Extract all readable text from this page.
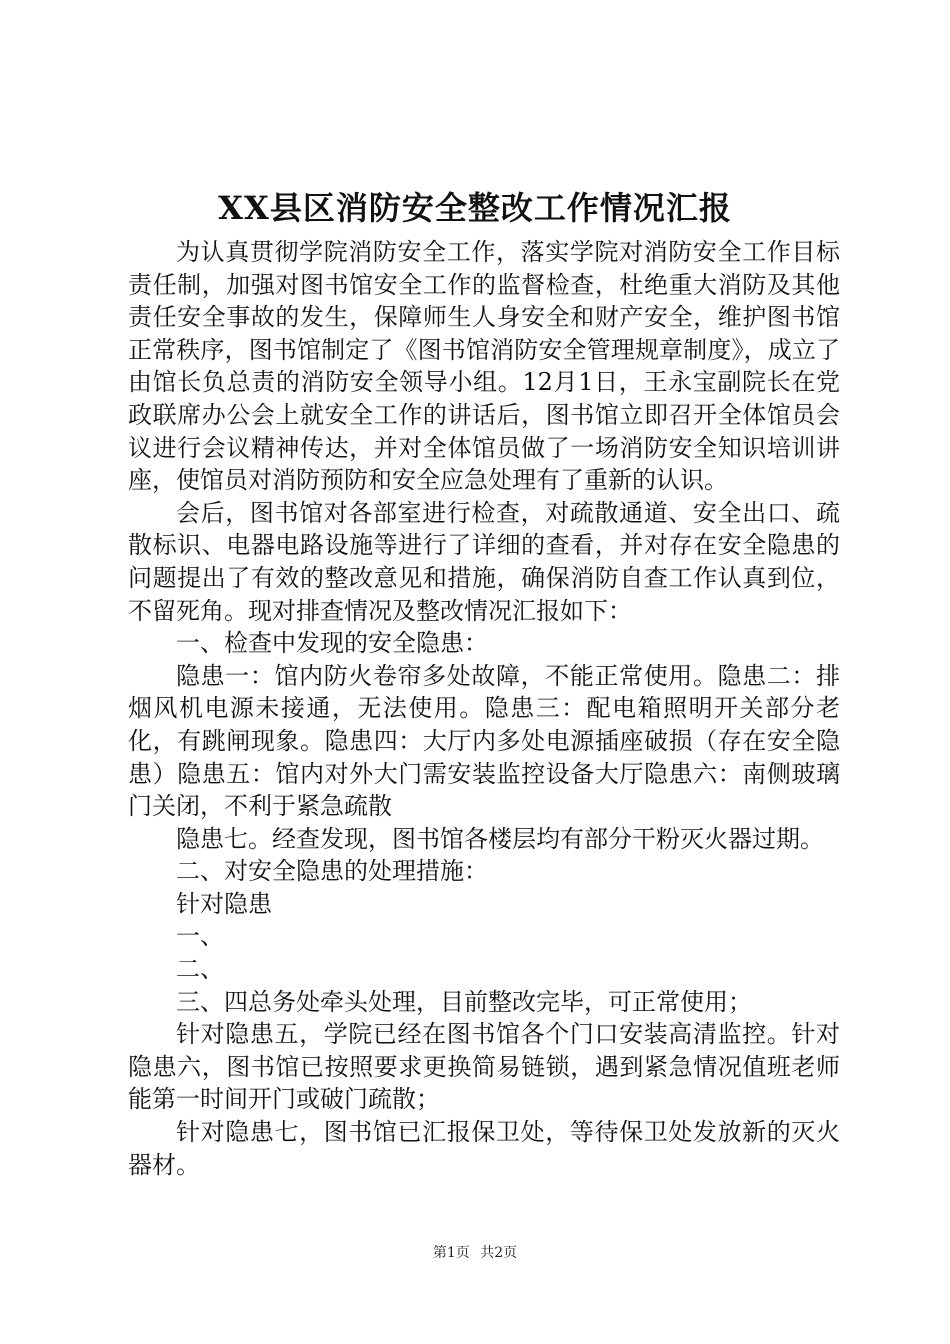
XX县区消防安全整改工作情况汇报

为认真贯彻学院消防安全工作，落实学院对消防安全工作目标责任制，加强对图书馆安全工作的监督检查，杜绝重大消防及其他责任安全事故的发生，保障师生人身安全和财产安全，维护图书馆正常秩序，图书馆制定了《图书馆消防安全管理规章制度》，成立了由馆长负总责的消防安全领导小组。12月1日，王永宝副院长在党政联席办公会上就安全工作的讲话后，图书馆立即召开全体馆员会议进行会议精神传达，并对全体馆员做了一场消防安全知识培训讲座，使馆员对消防预防和安全应急处理有了重新的认识。

会后，图书馆对各部室进行检查，对疏散通道、安全出口、疏散标识、电器电路设施等进行了详细的查看，并对存在安全隐患的问题提出了有效的整改意见和措施，确保消防自查工作认真到位，不留死角。现对排查情况及整改情况汇报如下：

一、检查中发现的安全隐患：

隐患一：馆内防火卷帘多处故障，不能正常使用。隐患二：排烟风机电源未接通，无法使用。隐患三：配电箱照明开关部分老化，有跳闸现象。隐患四：大厅内多处电源插座破损（存在安全隐患）隐患五：馆内对外大门需安装监控设备大厅隐患六：南侧玻璃门关闭，不利于紧急疏散

隐患七。经查发现，图书馆各楼层均有部分干粉灭火器过期。

二、对安全隐患的处理措施：

针对隐患

一、

二、

三、四总务处牵头处理，目前整改完毕，可正常使用；

针对隐患五，学院已经在图书馆各个门口安装高清监控。针对隐患六，图书馆已按照要求更换简易链锁，遇到紧急情况值班老师能第一时间开门或破门疏散；

针对隐患七，图书馆已汇报保卫处，等待保卫处发放新的灭火器材。

第1页 共2页
